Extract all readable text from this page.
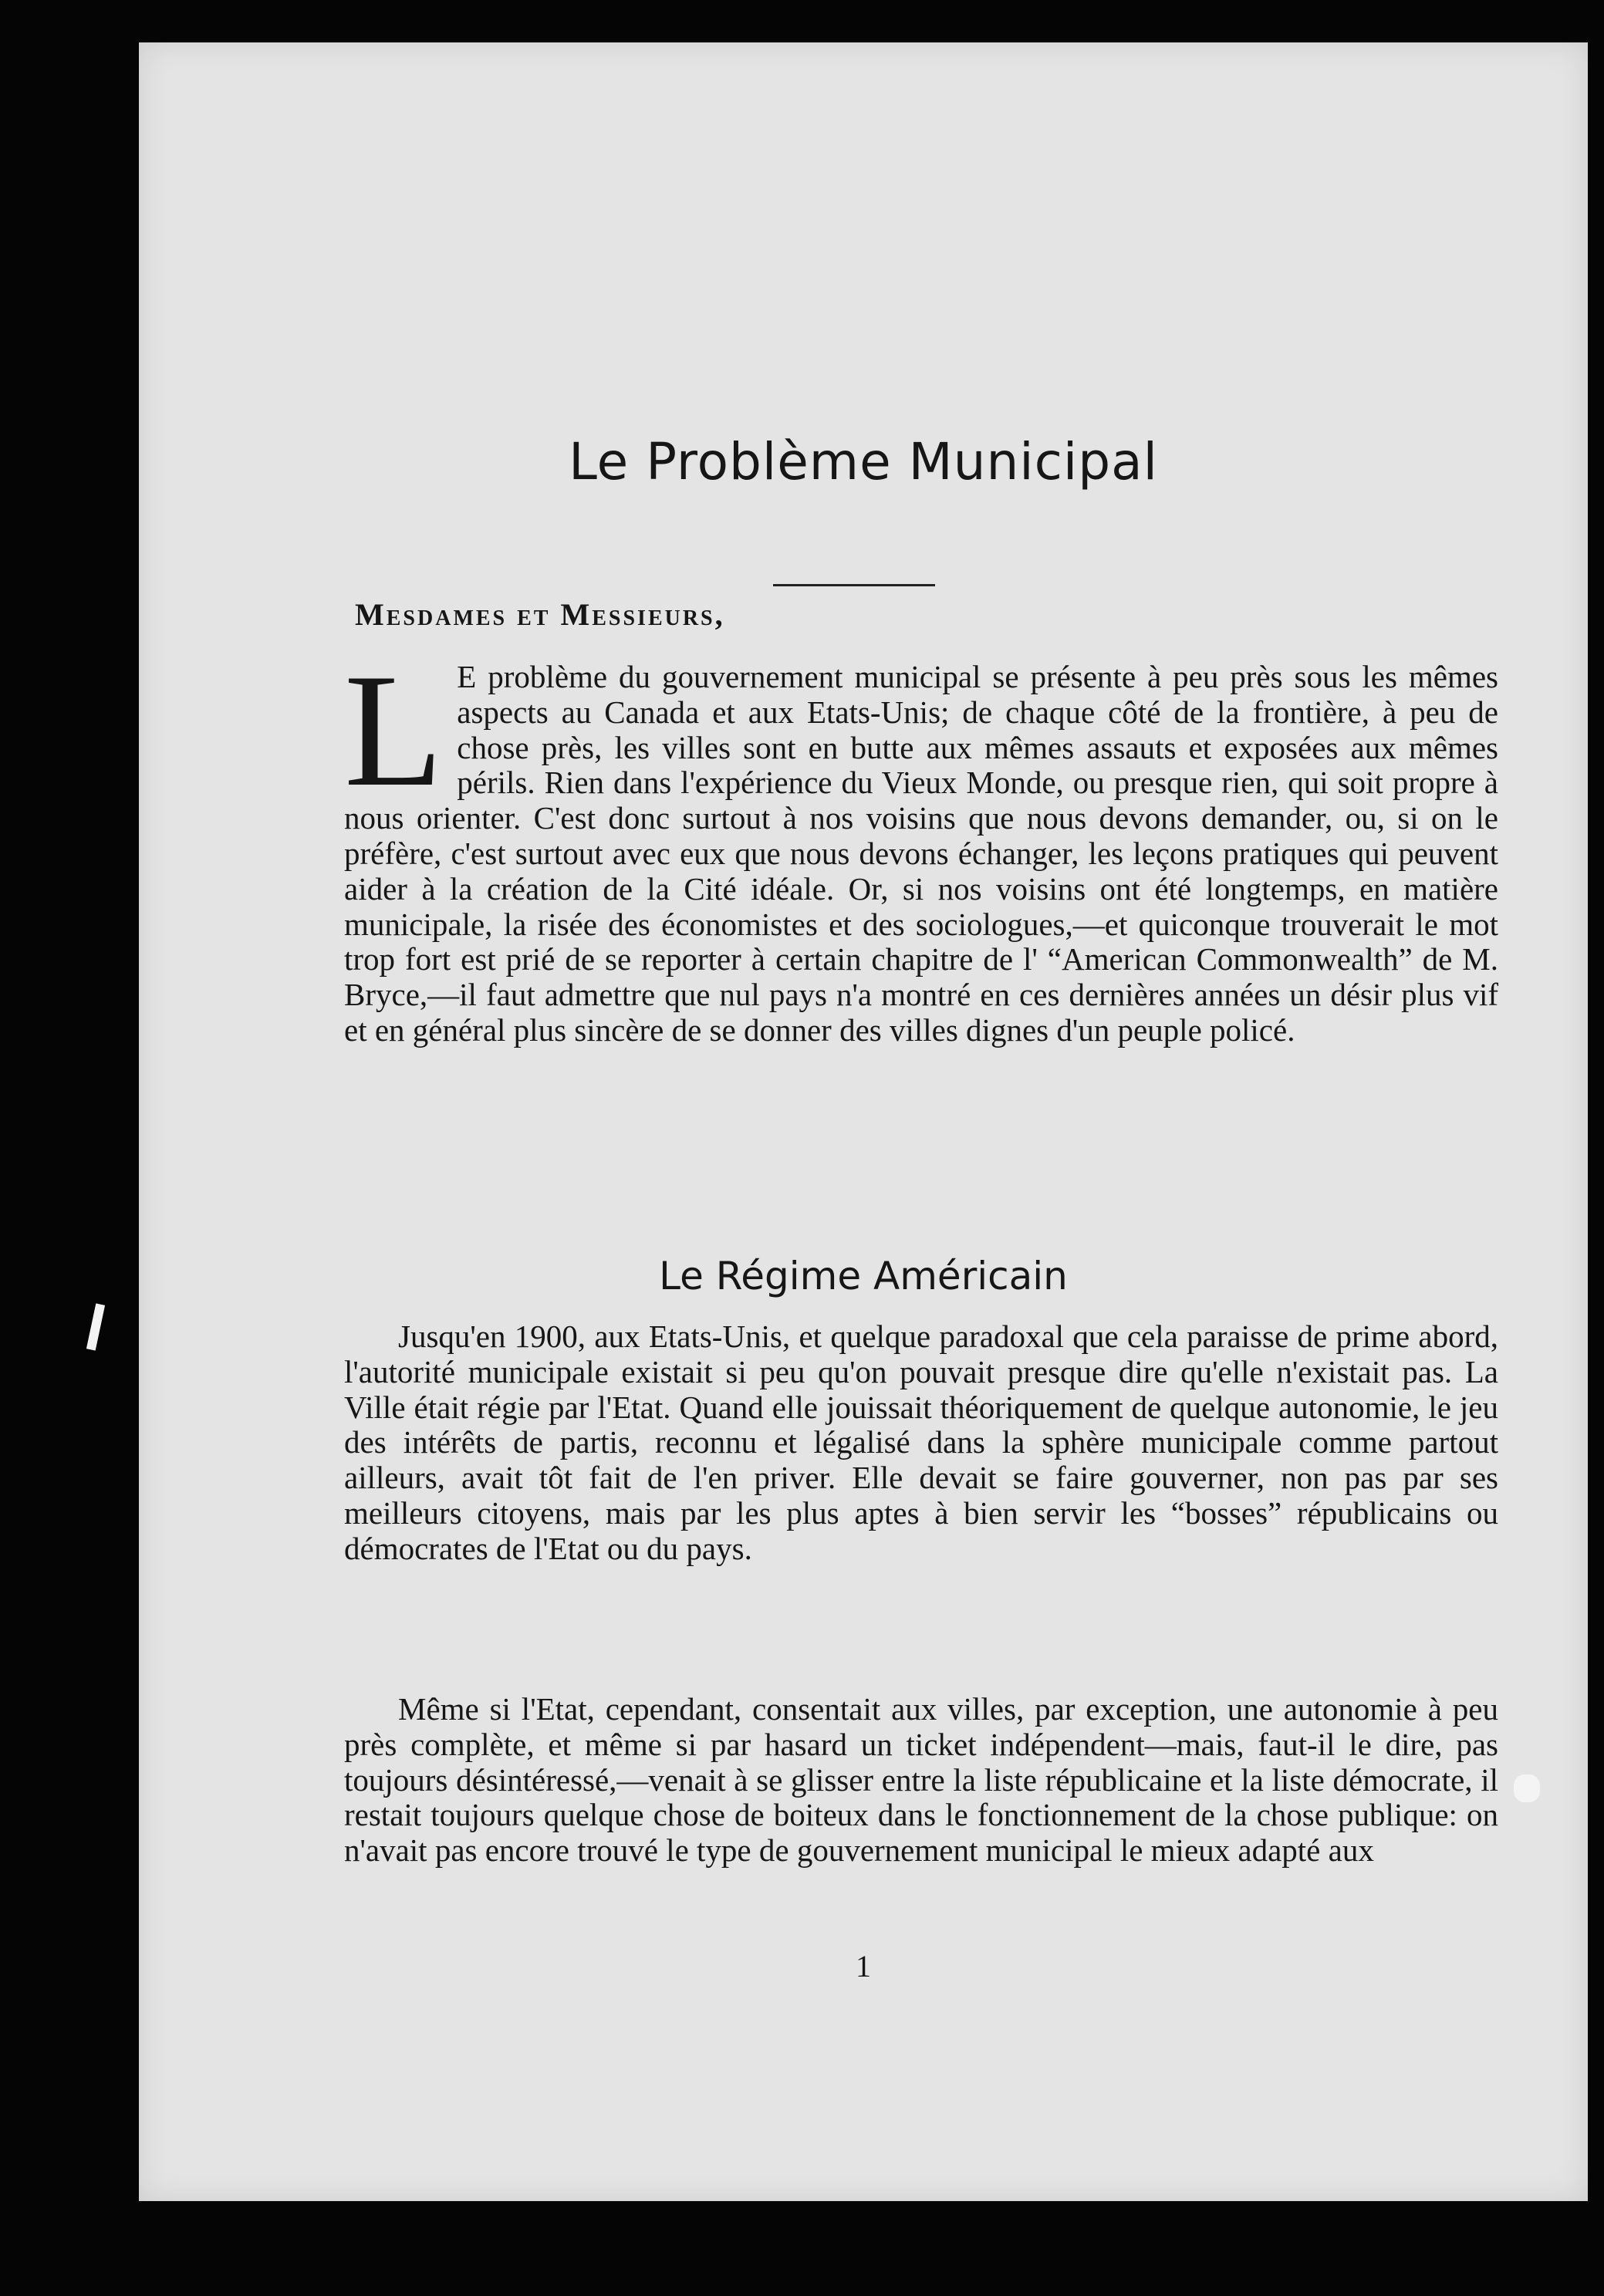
Le Problème Municipal
Mesdames et Messieurs,

L E problème du gouvernement municipal se présente à peu près sous les mêmes aspects au Canada et aux Etats-Unis; de chaque côté de la frontière, à peu de chose près, les villes sont en butte aux mêmes assauts et exposées aux mêmes périls. Rien dans l'expérience du Vieux Monde, ou presque rien, qui soit propre à nous orienter. C'est donc surtout à nos voisins que nous devons demander, ou, si on le préfère, c'est surtout avec eux que nous devons échanger, les leçons pratiques qui peuvent aider à la création de la Cité idéale. Or, si nos voisins ont été longtemps, en matière municipale, la risée des économistes et des sociologues,—et quiconque trouverait le mot trop fort est prié de se reporter à certain chapitre de l' “American Commonwealth” de M. Bryce,—il faut admettre que nul pays n'a montré en ces dernières années un désir plus vif et en général plus sincère de se donner des villes dignes d'un peuple policé.

Le Régime Américain

Jusqu'en 1900, aux Etats-Unis, et quelque paradoxal que cela paraisse de prime abord, l'autorité municipale existait si peu qu'on pouvait presque dire qu'elle n'existait pas. La Ville était régie par l'Etat. Quand elle jouissait théoriquement de quelque autonomie, le jeu des intérêts de partis, reconnu et légalisé dans la sphère municipale comme partout ailleurs, avait tôt fait de l'en priver. Elle devait se faire gouverner, non pas par ses meilleurs citoyens, mais par les plus aptes à bien servir les “bosses” républicains ou démocrates de l'Etat ou du pays.

Même si l'Etat, cependant, consentait aux villes, par exception, une autonomie à peu près complète, et même si par hasard un ticket indépendent—mais, faut-il le dire, pas toujours désintéressé,—venait à se glisser entre la liste républicaine et la liste démocrate, il restait toujours quelque chose de boiteux dans le fonctionnement de la chose publique: on n'avait pas encore trouvé le type de gouvernement municipal le mieux adapté aux

1
